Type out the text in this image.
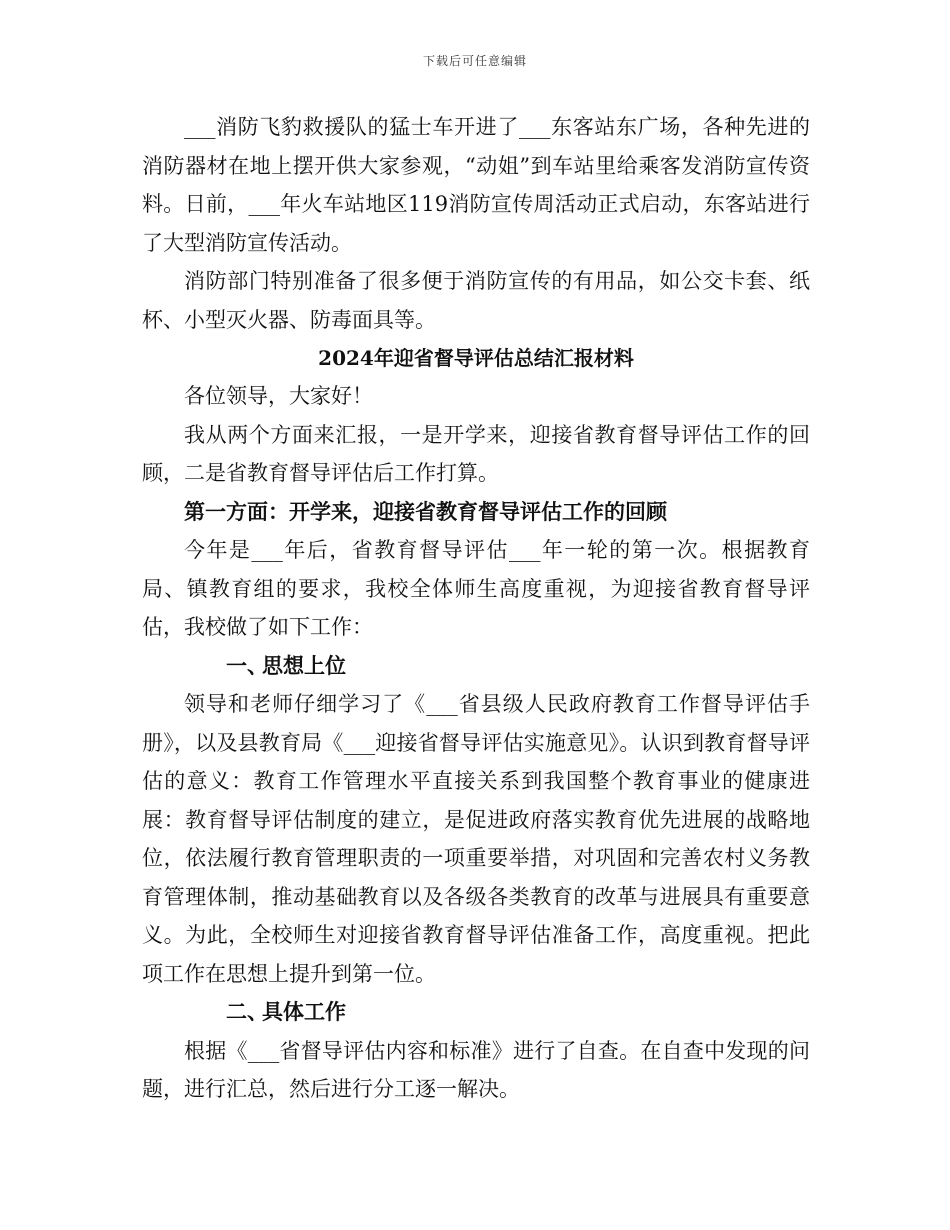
下载后可任意编辑

___消防飞豹救援队的猛士车开进了___东客站东广场，各种先进的消防器材在地上摆开供大家参观，“动姐”到车站里给乘客发消防宣传资料。日前，___年火车站地区119消防宣传周活动正式启动，东客站进行了大型消防宣传活动。

消防部门特别准备了很多便于消防宣传的有用品，如公交卡套、纸杯、小型灭火器、防毒面具等。

2024年迎省督导评估总结汇报材料

各位领导，大家好！

我从两个方面来汇报，一是开学来，迎接省教育督导评估工作的回顾，二是省教育督导评估后工作打算。

第一方面：开学来，迎接省教育督导评估工作的回顾

今年是___年后，省教育督导评估___年一轮的第一次。根据教育局、镇教育组的要求，我校全体师生高度重视，为迎接省教育督导评估，我校做了如下工作：

一、思想上位

领导和老师仔细学习了《___省县级人民政府教育工作督导评估手册》，以及县教育局《___迎接省督导评估实施意见》。认识到教育督导评估的意义：教育工作管理水平直接关系到我国整个教育事业的健康进展：教育督导评估制度的建立，是促进政府落实教育优先进展的战略地位，依法履行教育管理职责的一项重要举措，对巩固和完善农村义务教育管理体制，推动基础教育以及各级各类教育的改革与进展具有重要意义。为此，全校师生对迎接省教育督导评估准备工作，高度重视。把此项工作在思想上提升到第一位。

二、具体工作

根据《___省督导评估内容和标准》进行了自查。在自查中发现的问题，进行汇总，然后进行分工逐一解决。
